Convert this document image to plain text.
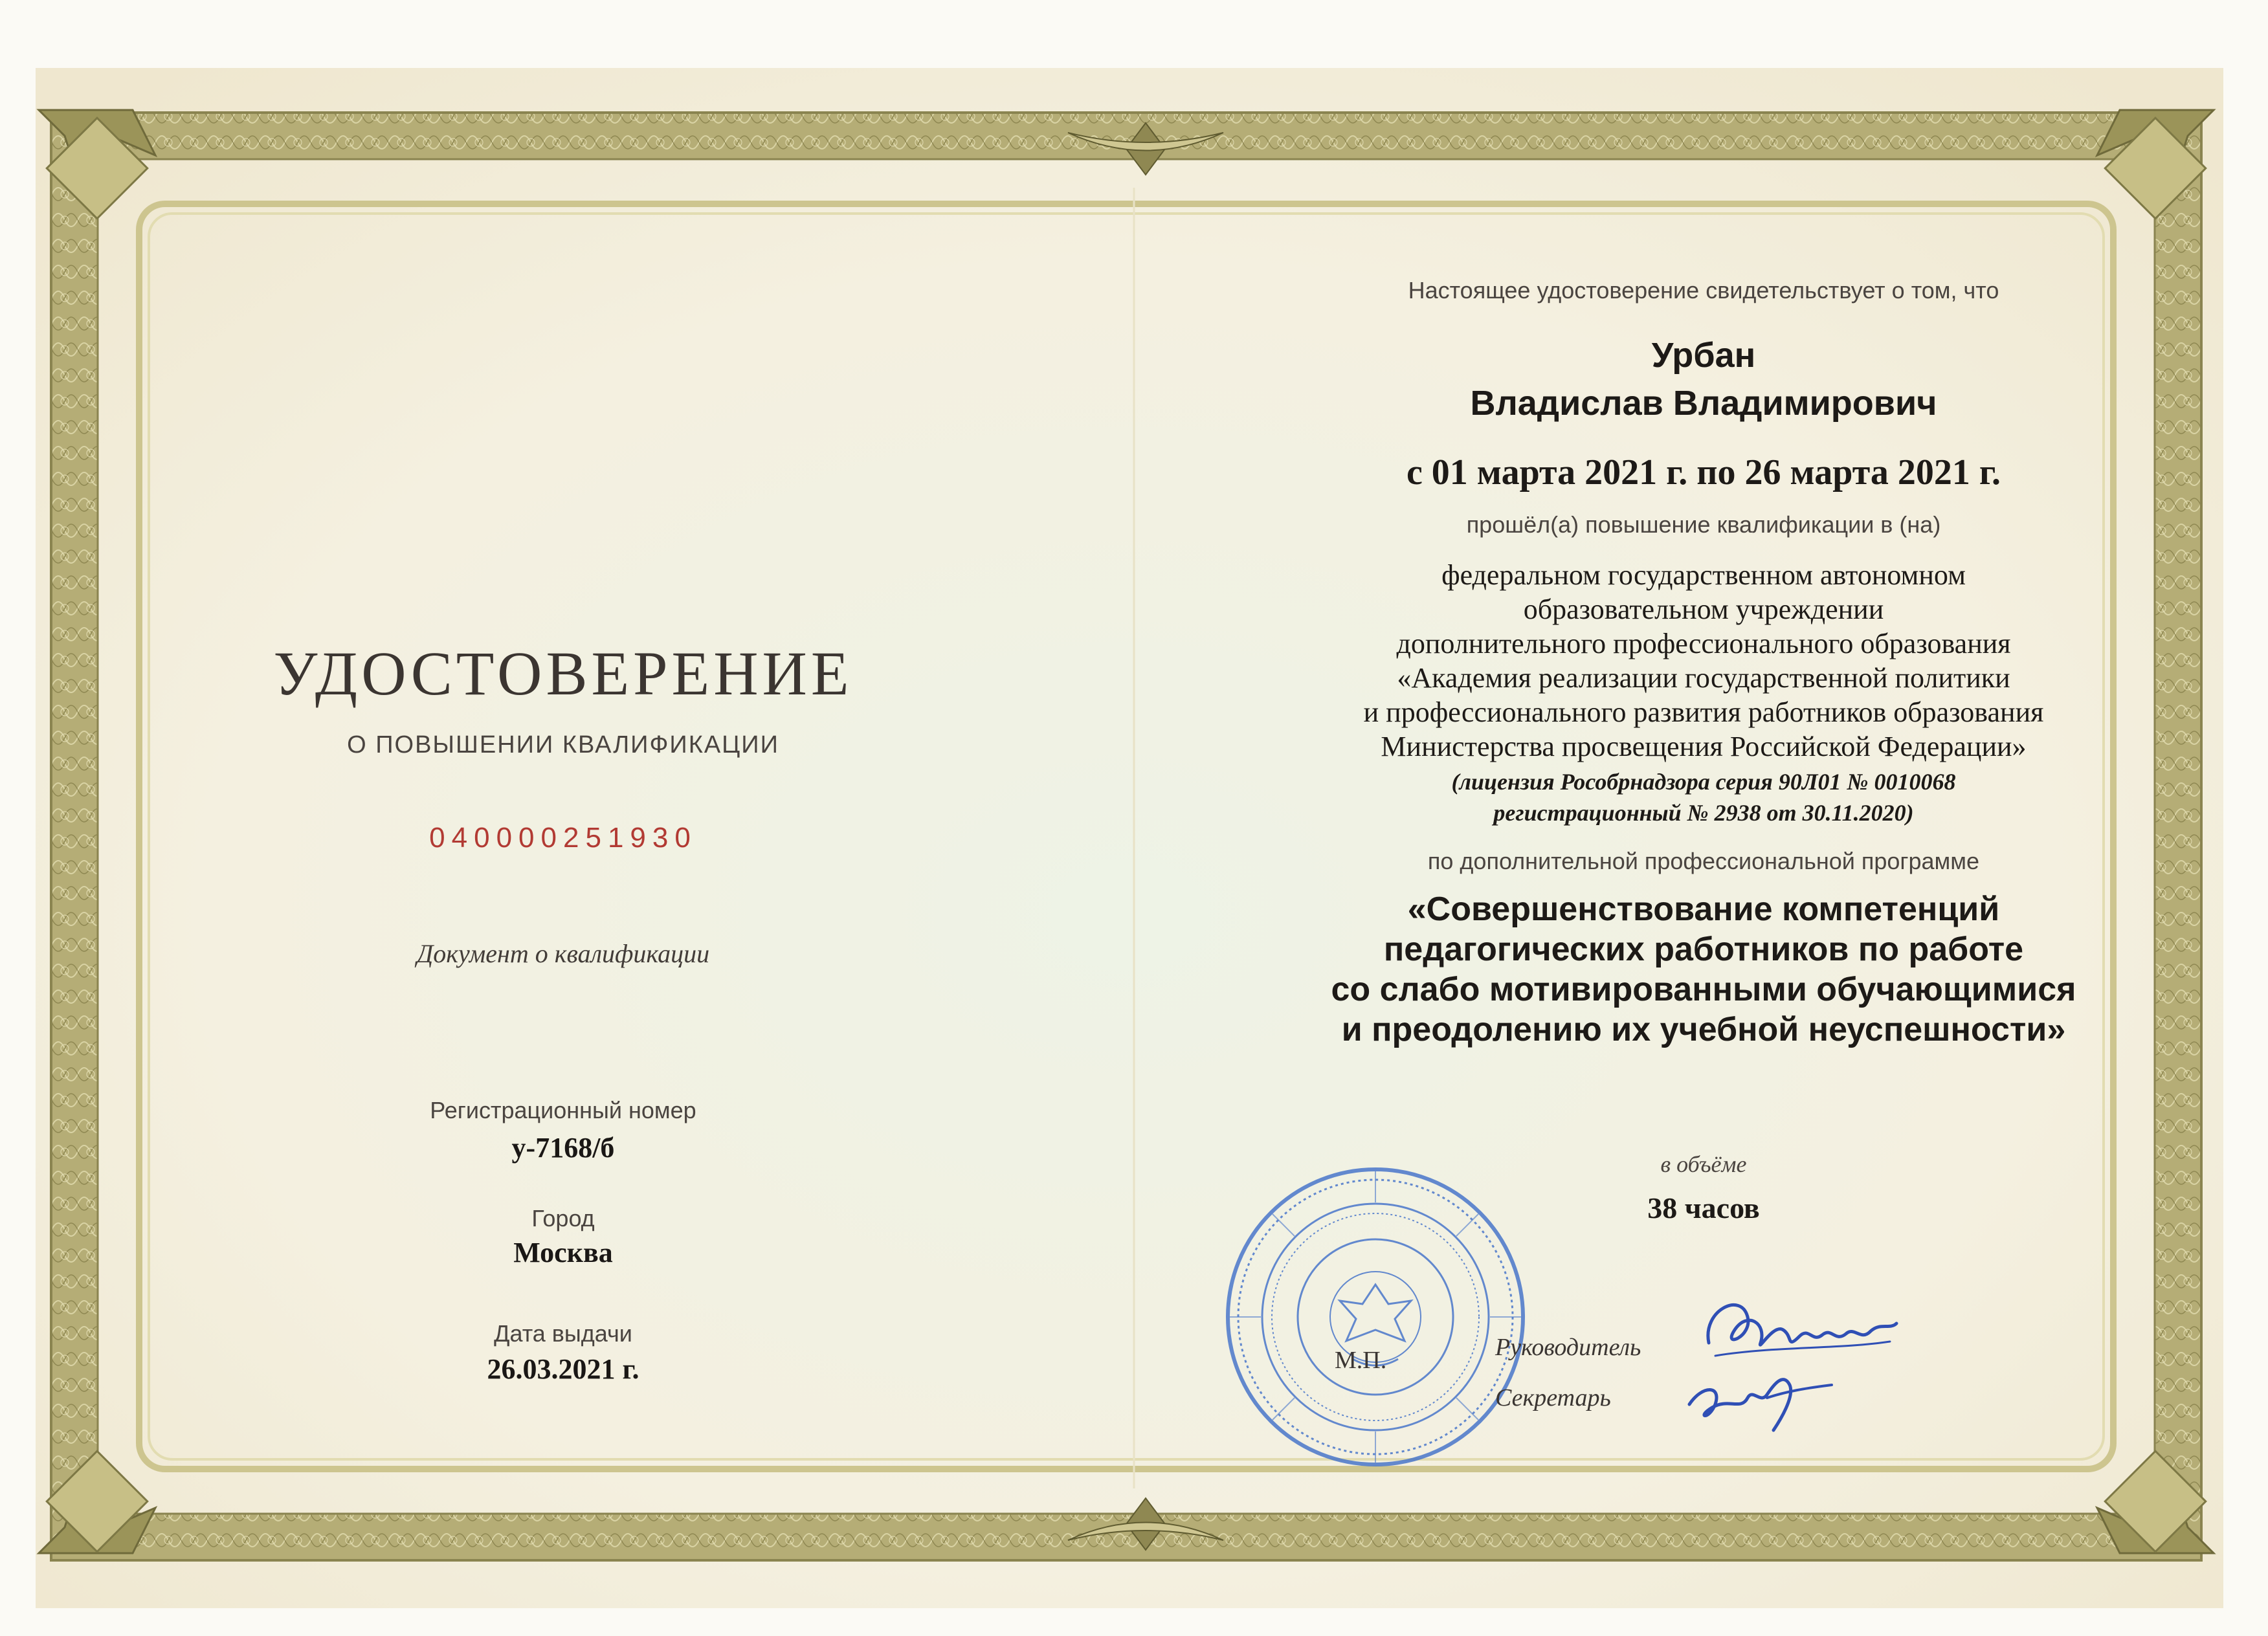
УДОСТОВЕРЕНИЕ
О ПОВЫШЕНИИ КВАЛИФИКАЦИИ
040000251930
Документ о квалификации
Регистрационный номер
у-7168/б
Город
Москва
Дата выдачи
26.03.2021 г.
Настоящее удостоверение свидетельствует о том, что
Урбан
Владислав Владимирович
с 01 марта 2021 г. по 26 марта 2021 г.
прошёл(а) повышение квалификации в (на)
федеральном государственном автономном
образовательном учреждении
дополнительного профессионального образования
«Академия реализации государственной политики
и профессионального развития работников образования
Министерства просвещения Российской Федерации»
(лицензия Рособрнадзора серия 90Л01 № 0010068
регистрационный № 2938 от 30.11.2020)
по дополнительной профессиональной программе
«Совершенствование компетенций
педагогических работников по работе
со слабо мотивированными обучающимися
и преодолению их учебной неуспешности»
в объёме
38 часов
М.П.	Руководитель
Секретарь
